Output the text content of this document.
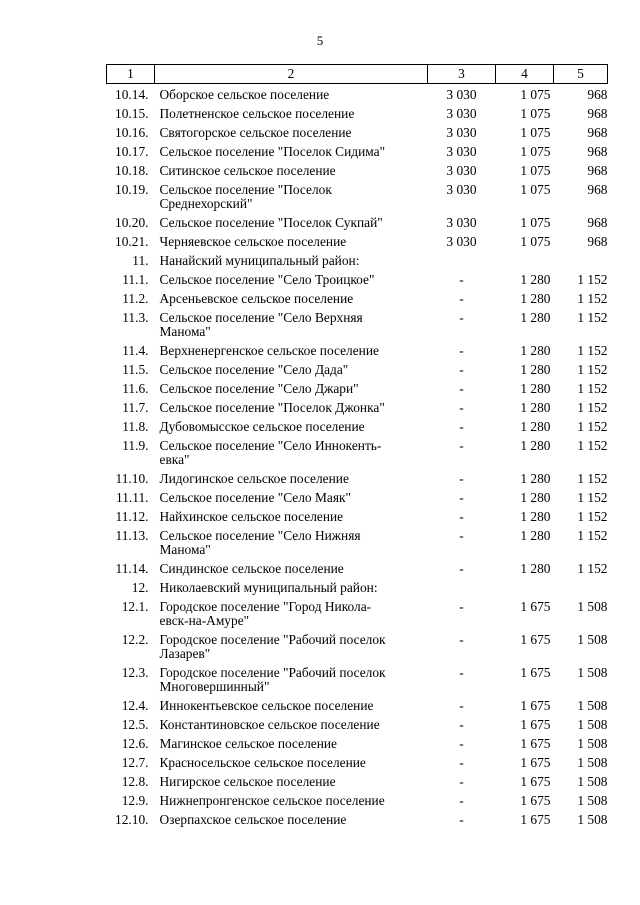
5
1	2	3	4	5
10.14.	Оборское сельское поселение	3 030	1 075	968
10.15.	Полетненское сельское поселение	3 030	1 075	968
10.16.	Святогорское сельское поселение	3 030	1 075	968
10.17.	Сельское поселение "Поселок Сидима"	3 030	1 075	968
10.18.	Ситинское сельское поселение	3 030	1 075	968
10.19.	Сельское поселение "Поселок
Среднехорский"	3 030	1 075	968
10.20.	Сельское поселение "Поселок Сукпай"	3 030	1 075	968
10.21.	Черняевское сельское поселение	3 030	1 075	968
11.	Нанайский муниципальный район:			

11.1.	Сельское поселение "Село Троицкое"	-	1 280	1 152
11.2.	Арсеньевское сельское поселение	-	1 280	1 152
11.3.	Сельское поселение "Село Верхняя
Манома"	-	1 280	1 152
11.4.	Верхненергенское сельское поселение	-	1 280	1 152
11.5.	Сельское поселение "Село Дада"	-	1 280	1 152
11.6.	Сельское поселение "Село Джари"	-	1 280	1 152
11.7.	Сельское поселение "Поселок Джонка"	-	1 280	1 152
11.8.	Дубовомысское сельское поселение	-	1 280	1 152
11.9.	Сельское поселение "Село Иннокенть-
евка"	-	1 280	1 152
11.10.	Лидогинское сельское поселение	-	1 280	1 152
11.11.	Сельское поселение "Село Маяк"	-	1 280	1 152
11.12.	Найхинское сельское поселение	-	1 280	1 152
11.13.	Сельское поселение "Село Нижняя
Манома"	-	1 280	1 152
11.14.	Синдинское сельское поселение	-	1 280	1 152
12.	Николаевский муниципальный район:			

12.1.	Городское поселение "Город Никола-
евск-на-Амуре"	-	1 675	1 508
12.2.	Городское поселение "Рабочий поселок
Лазарев"	-	1 675	1 508
12.3.	Городское поселение "Рабочий поселок
Многовершинный"	-	1 675	1 508
12.4.	Иннокентьевское сельское поселение	-	1 675	1 508
12.5.	Константиновское сельское поселение	-	1 675	1 508
12.6.	Магинское сельское поселение	-	1 675	1 508
12.7.	Красносельское сельское поселение	-	1 675	1 508
12.8.	Нигирское сельское поселение	-	1 675	1 508
12.9.	Нижнепронгенское сельское поселение	-	1 675	1 508
12.10.	Озерпахское сельское поселение	-	1 675	1 508
